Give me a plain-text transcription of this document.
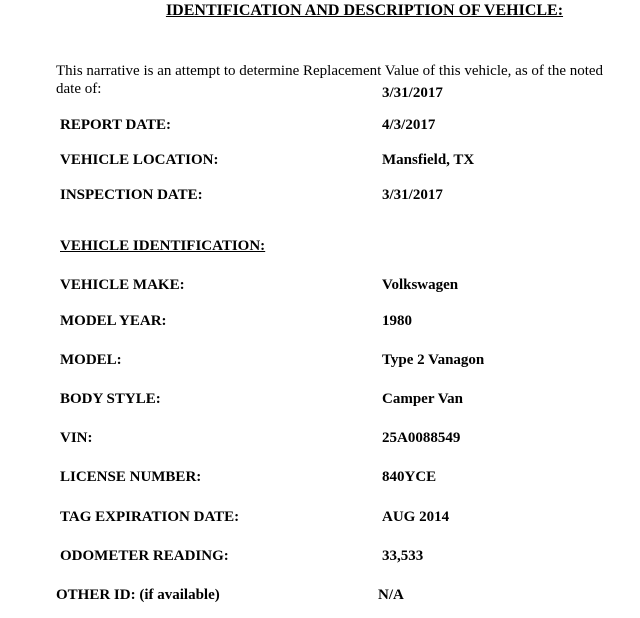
IDENTIFICATION AND DESCRIPTION OF VEHICLE:
This narrative is an attempt to determine Replacement Value of this vehicle, as of the noted date of:	3/31/2017
REPORT DATE:	4/3/2017
VEHICLE LOCATION:	Mansfield, TX
INSPECTION DATE:	3/31/2017
VEHICLE IDENTIFICATION:
VEHICLE MAKE:	Volkswagen
MODEL YEAR:	1980
MODEL:	Type 2 Vanagon
BODY STYLE:	Camper Van
VIN:	25A0088549
LICENSE NUMBER:	840YCE
TAG EXPIRATION DATE:	AUG 2014
ODOMETER READING:	33,533
OTHER ID: (if available)	N/A
